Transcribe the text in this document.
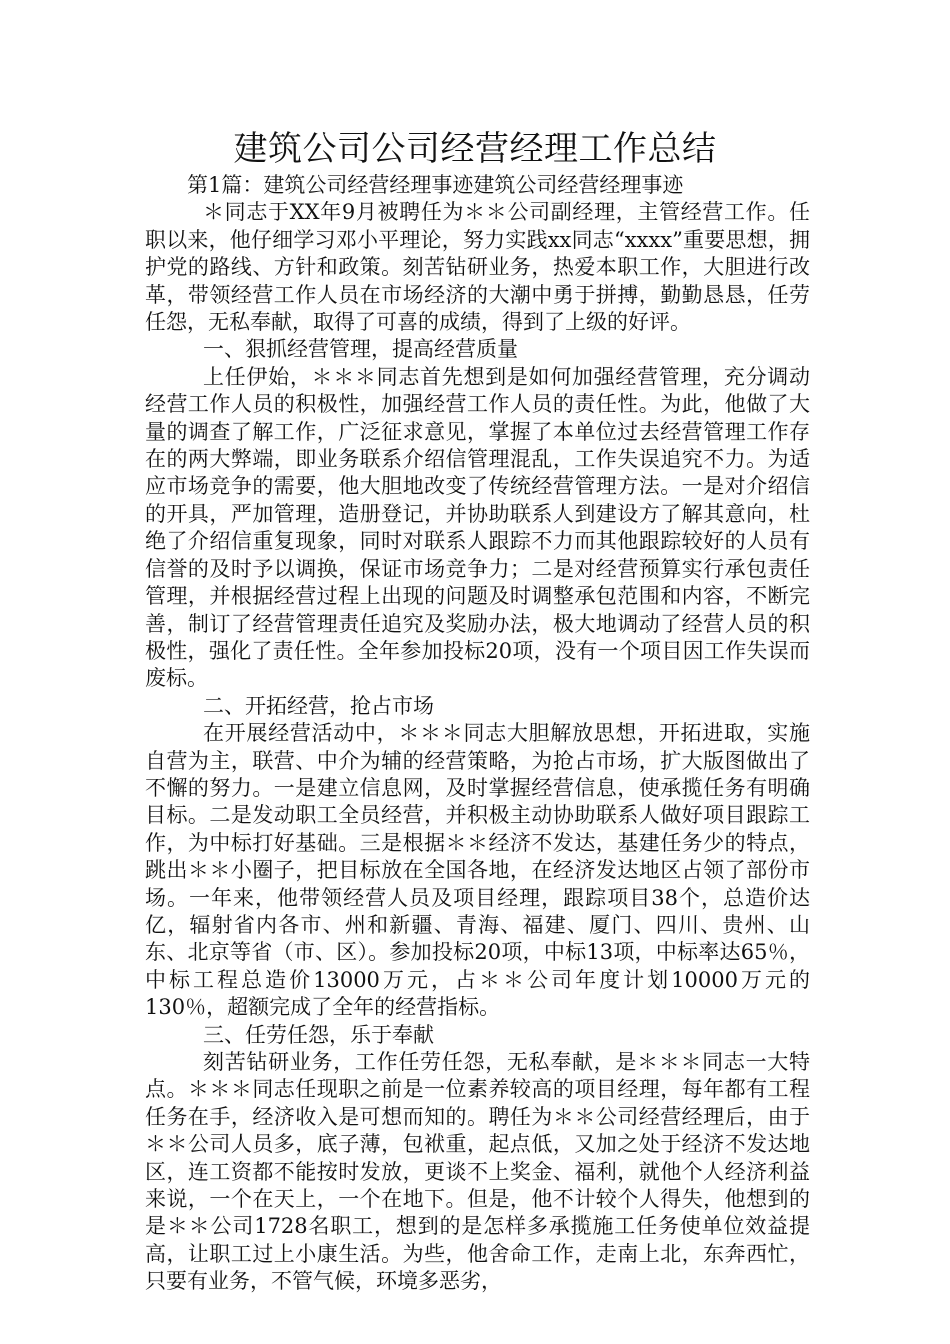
建筑公司公司经营经理工作总结

第1篇：建筑公司经营经理事迹建筑公司经营经理事迹

＊同志于XX年9月被聘任为＊＊公司副经理，主管经营工作。任职以来，他仔细学习邓小平理论，努力实践xx同志“xxxx”重要思想，拥护党的路线、方针和政策。刻苦钻研业务，热爱本职工作，大胆进行改革，带领经营工作人员在市场经济的大潮中勇于拼搏，勤勤恳恳，任劳任怨，无私奉献，取得了可喜的成绩，得到了上级的好评。

一、狠抓经营管理，提高经营质量

上任伊始，＊＊＊同志首先想到是如何加强经营管理，充分调动经营工作人员的积极性，加强经营工作人员的责任性。为此，他做了大量的调查了解工作，广泛征求意见，掌握了本单位过去经营管理工作存在的两大弊端，即业务联系介绍信管理混乱，工作失误追究不力。为适应市场竞争的需要，他大胆地改变了传统经营管理方法。一是对介绍信的开具，严加管理，造册登记，并协助联系人到建设方了解其意向，杜绝了介绍信重复现象，同时对联系人跟踪不力而其他跟踪较好的人员有信誉的及时予以调换，保证市场竞争力；二是对经营预算实行承包责任管理，并根据经营过程上出现的问题及时调整承包范围和内容，不断完善，制订了经营管理责任追究及奖励办法，极大地调动了经营人员的积极性，强化了责任性。全年参加投标20项，没有一个项目因工作失误而废标。

二、开拓经营，抢占市场

在开展经营活动中，＊＊＊同志大胆解放思想，开拓进取，实施自营为主，联营、中介为辅的经营策略，为抢占市场，扩大版图做出了不懈的努力。一是建立信息网，及时掌握经营信息，使承揽任务有明确目标。二是发动职工全员经营，并积极主动协助联系人做好项目跟踪工作，为中标打好基础。三是根据＊＊经济不发达，基建任务少的特点，跳出＊＊小圈子，把目标放在全国各地，在经济发达地区占领了部份市场。一年来，他带领经营人员及项目经理，跟踪项目38个，总造价达亿，辐射省内各市、州和新疆、青海、福建、厦门、四川、贵州、山东、北京等省（市、区）。参加投标20项，中标13项，中标率达65％，中标工程总造价13000万元，占＊＊公司年度计划10000万元的130％，超额完成了全年的经营指标。

三、任劳任怨，乐于奉献

刻苦钻研业务，工作任劳任怨，无私奉献，是＊＊＊同志一大特点。＊＊＊同志任现职之前是一位素养较高的项目经理，每年都有工程任务在手，经济收入是可想而知的。聘任为＊＊公司经营经理后，由于＊＊公司人员多，底子薄，包袱重，起点低，又加之处于经济不发达地区，连工资都不能按时发放，更谈不上奖金、福利，就他个人经济利益来说，一个在天上，一个在地下。但是，他不计较个人得失，他想到的是＊＊公司1728名职工，想到的是怎样多承揽施工任务使单位效益提高，让职工过上小康生活。为些，他舍命工作，走南上北，东奔西忙，只要有业务，不管气候，环境多恶劣，
